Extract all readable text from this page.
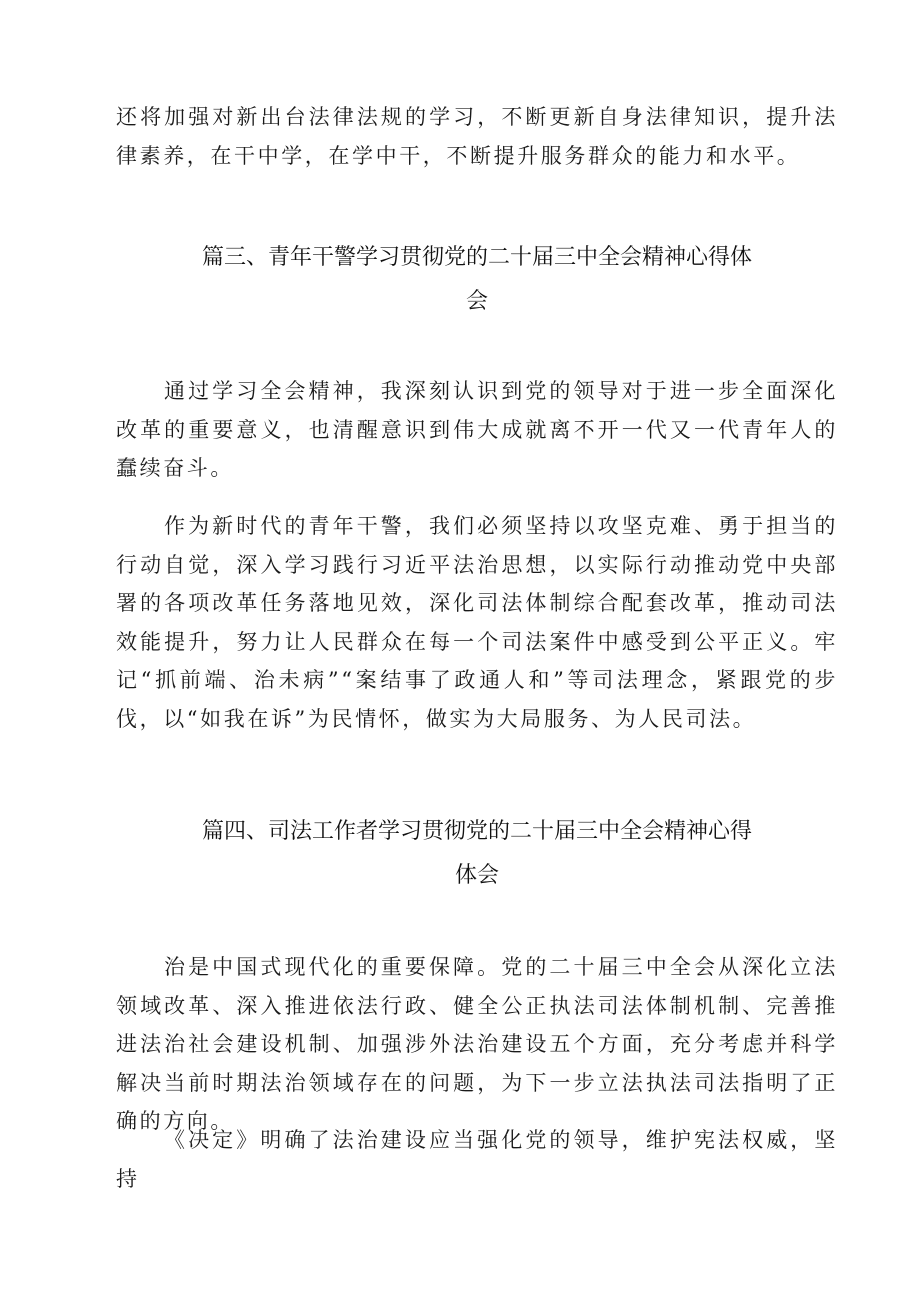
还将加强对新出台法律法规的学习，不断更新自身法律知识，提升法律素养，在干中学，在学中干，不断提升服务群众的能力和水平。

篇三、青年干警学习贯彻党的二十届三中全会精神心得体
会

通过学习全会精神，我深刻认识到党的领导对于进一步全面深化改革的重要意义，也清醒意识到伟大成就离不开一代又一代青年人的蠢续奋斗。

作为新时代的青年干警，我们必须坚持以攻坚克难、勇于担当的行动自觉，深入学习践行习近平法治思想，以实际行动推动党中央部署的各项改革任务落地见效，深化司法体制综合配套改革，推动司法效能提升，努力让人民群众在每一个司法案件中感受到公平正义。牢记“抓前端、治未病”“案结事了政通人和”等司法理念，紧跟党的步伐，以“如我在诉”为民情怀，做实为大局服务、为人民司法。

篇四、司法工作者学习贯彻党的二十届三中全会精神心得
体会

治是中国式现代化的重要保障。党的二十届三中全会从深化立法领域改革、深入推进依法行政、健全公正执法司法体制机制、完善推进法治社会建设机制、加强涉外法治建设五个方面，充分考虑并科学解决当前时期法治领域存在的问题，为下一步立法执法司法指明了正确的方向。

《决定》明确了法治建设应当强化党的领导，维护宪法权威，坚持
